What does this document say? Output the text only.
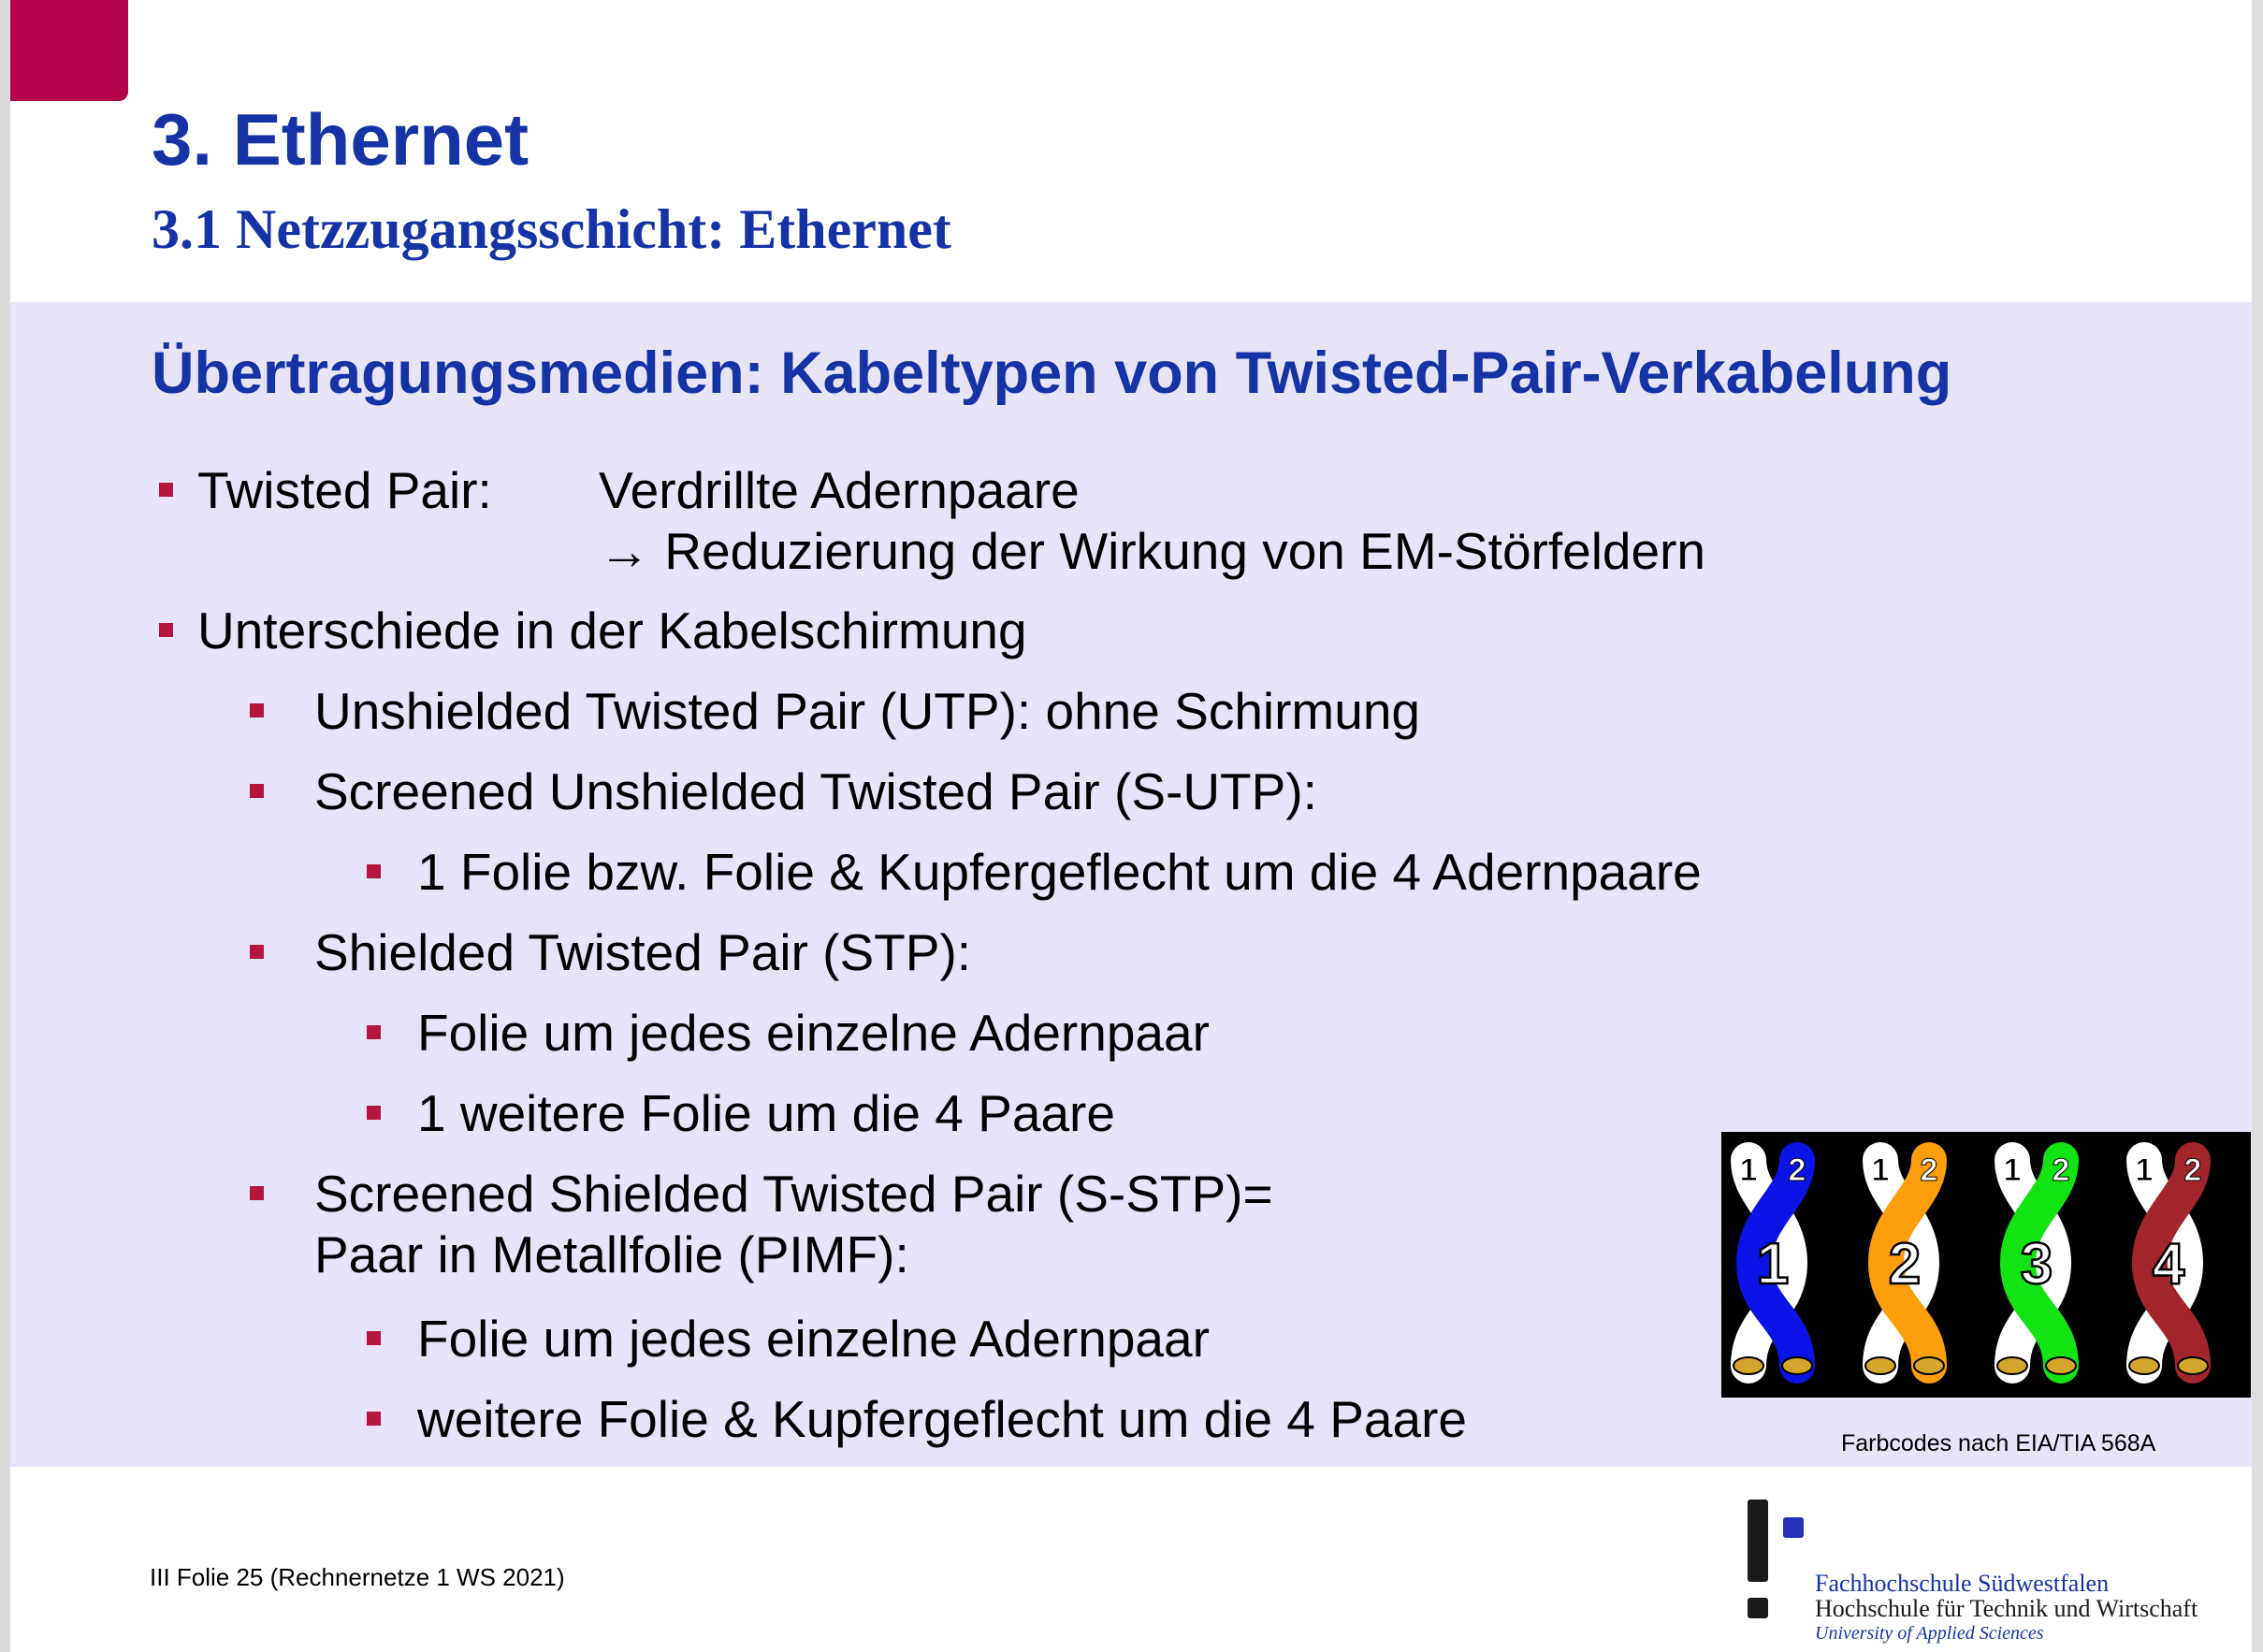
3. Ethernet
3.1 Netzzugangsschicht: Ethernet
Übertragungsmedien: Kabeltypen von Twisted-Pair-Verkabelung
Twisted Pair: Verdrillte Adernpaare
→ Reduzierung der Wirkung von EM-Störfeldern
Unterschiede in der Kabelschirmung
Unshielded Twisted Pair (UTP): ohne Schirmung
Screened Unshielded Twisted Pair (S-UTP):
1 Folie bzw. Folie & Kupfergeflecht um die 4 Adernpaare
Shielded Twisted Pair (STP):
Folie um jedes einzelne Adernpaar
1 weitere Folie um die 4 Paare
Screened Shielded Twisted Pair (S-STP)=
Paar in Metallfolie (PIMF):
Folie um jedes einzelne Adernpaar
weitere Folie & Kupfergeflecht um die 4 Paare
1 2
1
1 2
2
1 2
3
1 2
4
Farbcodes nach EIA/TIA 568A
III Folie 25 (Rechnernetze 1 WS 2021)	Fachhochschule Südwestfalen
Hochschule für Technik und Wirtschaft
University of Applied Sciences
